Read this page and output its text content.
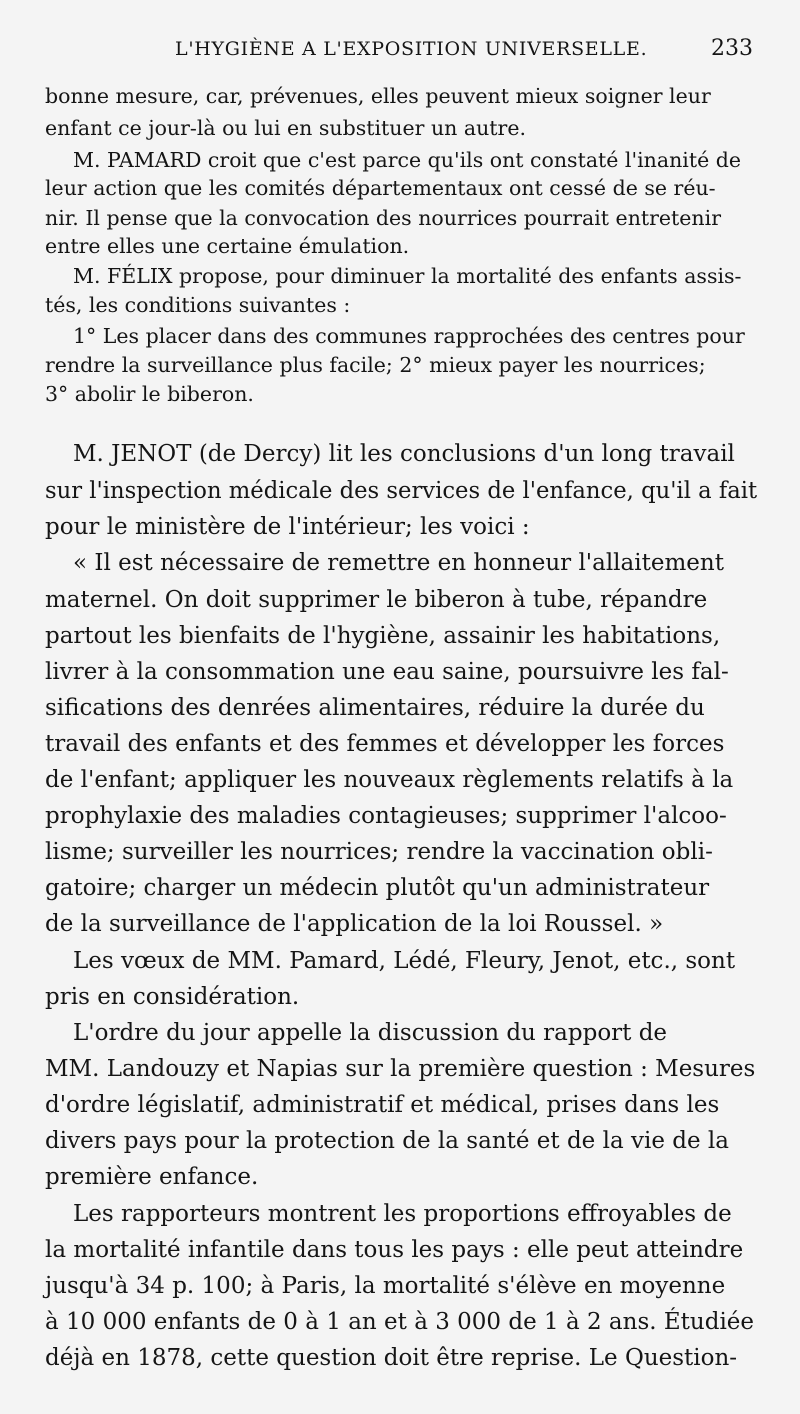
L'HYGIÈNE A L'EXPOSITION UNIVERSELLE.	233
bonne mesure, car, prévenues, elles peuvent mieux soigner leur
enfant ce jour-là ou lui en substituer un autre.
M. PAMARD croit que c'est parce qu'ils ont constaté l'inanité de
leur action que les comités départementaux ont cessé de se réu-
nir. Il pense que la convocation des nourrices pourrait entretenir
entre elles une certaine émulation.
M. FÉLIX propose, pour diminuer la mortalité des enfants assis-
tés, les conditions suivantes :
1° Les placer dans des communes rapprochées des centres pour
rendre la surveillance plus facile; 2° mieux payer les nourrices;
3° abolir le biberon.
M. JENOT (de Dercy) lit les conclusions d'un long travail
sur l'inspection médicale des services de l'enfance, qu'il a fait
pour le ministère de l'intérieur; les voici :
« Il est nécessaire de remettre en honneur l'allaitement
maternel. On doit supprimer le biberon à tube, répandre
partout les bienfaits de l'hygiène, assainir les habitations,
livrer à la consommation une eau saine, poursuivre les fal-
sifications des denrées alimentaires, réduire la durée du
travail des enfants et des femmes et développer les forces
de l'enfant; appliquer les nouveaux règlements relatifs à la
prophylaxie des maladies contagieuses; supprimer l'alcoo-
lisme; surveiller les nourrices; rendre la vaccination obli-
gatoire; charger un médecin plutôt qu'un administrateur
de la surveillance de l'application de la loi Roussel. »
Les vœux de MM. Pamard, Lédé, Fleury, Jenot, etc., sont
pris en considération.
L'ordre du jour appelle la discussion du rapport de
MM. Landouzy et Napias sur la première question : Mesures
d'ordre législatif, administratif et médical, prises dans les
divers pays pour la protection de la santé et de la vie de la
première enfance.
Les rapporteurs montrent les proportions effroyables de
la mortalité infantile dans tous les pays : elle peut atteindre
jusqu'à 34 p. 100; à Paris, la mortalité s'élève en moyenne
à 10 000 enfants de 0 à 1 an et à 3 000 de 1 à 2 ans. Étudiée
déjà en 1878, cette question doit être reprise. Le Question-
